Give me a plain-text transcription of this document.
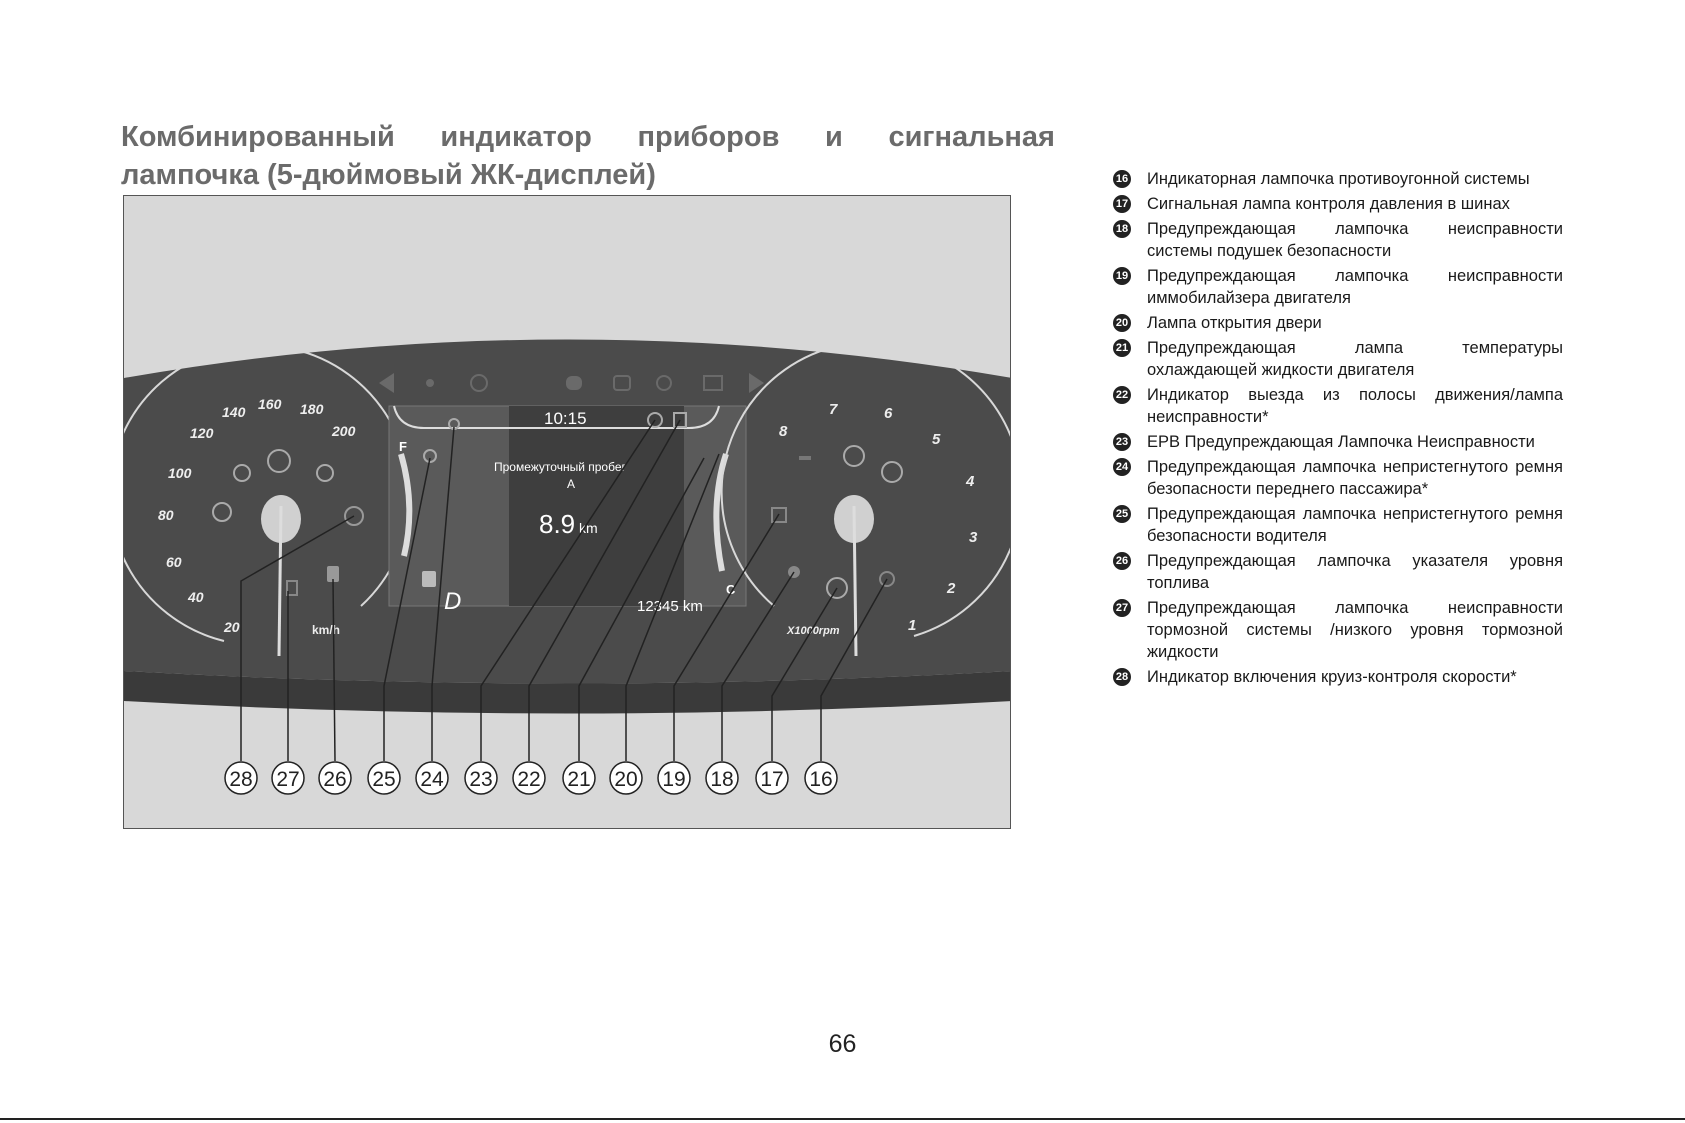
Комбинированный индикатор приборов и сигнальная
лампочка (5-дюймовый ЖК-дисплей)
20
40
60
80
100
120
140 160 180
200
km/h
10:15
Промежуточный пробег
A
8.9 km
12345 km
F
C
D
1
2
3
4
5
6
7
8
X1000rpm
28 27 26 25 24 23 22 21 20 19 18 17 16
16 Индикаторная лампочка противоугонной системы
17 Сигнальная лампа контроля давления в шинах
18 Предупреждающая лампочка неисправности системы подушек безопасности
19 Предупреждающая лампочка неисправности иммобилайзера двигателя
20 Лампа открытия двери
21 Предупреждающая лампа температуры охлаждающей жидкости двигателя
22 Индикатор выезда из полосы движения/лампа неисправности*
23 EPB Предупреждающая Лампочка Неисправности
24 Предупреждающая лампочка непристегнутого ремня безопасности переднего пассажира*
25 Предупреждающая лампочка непристегнутого ремня безопасности водителя
26 Предупреждающая лампочка указателя уровня топлива
27 Предупреждающая лампочка неисправности тормозной системы /низкого уровня тормозной жидкости
28 Индикатор включения круиз-контроля скорости*
66
